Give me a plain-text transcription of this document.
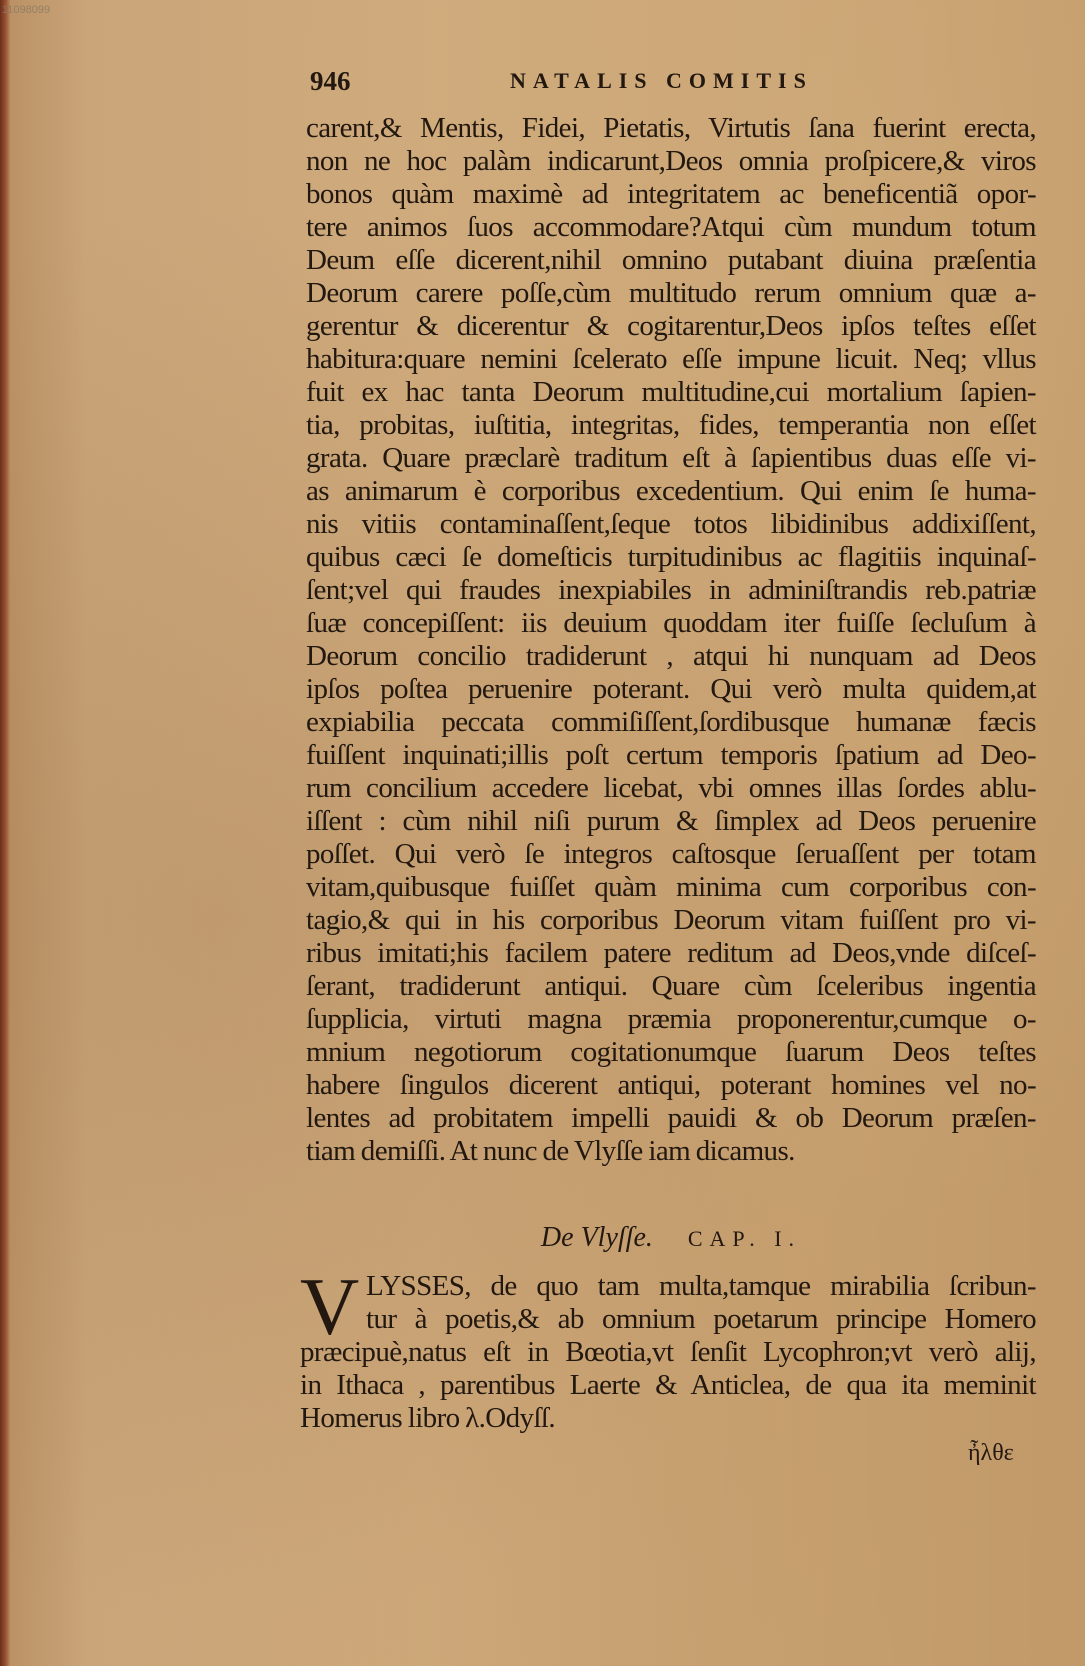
11098099
946	NATALIS COMITIS
carent,& Mentis, Fidei, Pietatis, Virtutis ſana fuerint erecta,
non ne hoc palàm indicarunt,Deos omnia proſpicere,& viros
bonos quàm maximè ad integritatem ac beneficentiã opor-
tere animos ſuos accommodare?Atqui cùm mundum totum
Deum eſſe dicerent,nihil omnino putabant diuina præſentia
Deorum carere poſſe,cùm multitudo rerum omnium quæ a-
gerentur & dicerentur & cogitarentur,Deos ipſos teſtes eſſet
habitura:quare nemini ſcelerato eſſe impune licuit. Neq; vllus
fuit ex hac tanta Deorum multitudine,cui mortalium ſapien-
tia, probitas, iuſtitia, integritas, fides, temperantia non eſſet
grata. Quare præclarè traditum eſt à ſapientibus duas eſſe vi-
as animarum è corporibus excedentium. Qui enim ſe huma-
nis vitiis contaminaſſent,ſeque totos libidinibus addixiſſent,
quibus cæci ſe domeſticis turpitudinibus ac flagitiis inquinaſ-
ſent;vel qui fraudes inexpiabiles in adminiſtrandis reb.patriæ
ſuæ concepiſſent: iis deuium quoddam iter fuiſſe ſecluſum à
Deorum concilio tradiderunt , atqui hi nunquam ad Deos
ipſos poſtea peruenire poterant. Qui verò multa quidem,at
expiabilia peccata commiſiſſent,ſordibusque humanæ fæcis
fuiſſent inquinati;illis poſt certum temporis ſpatium ad Deo-
rum concilium accedere licebat, vbi omnes illas ſordes ablu-
iſſent : cùm nihil niſi purum & ſimplex ad Deos peruenire
poſſet. Qui verò ſe integros caſtosque ſeruaſſent per totam
vitam,quibusque fuiſſet quàm minima cum corporibus con-
tagio,& qui in his corporibus Deorum vitam fuiſſent pro vi-
ribus imitati;his facilem patere reditum ad Deos,vnde diſceſ-
ſerant, tradiderunt antiqui. Quare cùm ſceleribus ingentia
ſupplicia, virtuti magna præmia proponerentur,cumque o-
mnium negotiorum cogitationumque ſuarum Deos teſtes
habere ſingulos dicerent antiqui, poterant homines vel no-
lentes ad probitatem impelli pauidi & ob Deorum præſen-
tiam demiſſi. At nunc de Vlyſſe iam dicamus.
De Vlyſſe. CAP. I.
V LYSSES, de quo tam multa,tamque mirabilia ſcribun-
tur à poetis,& ab omnium poetarum principe Homero
præcipuè,natus eſt in Bœotia,vt ſenſit Lycophron;vt verò alij,
in Ithaca , parentibus Laerte & Anticlea, de qua ita meminit
Homerus libro λ.Odyſſ.
ἦλθε
